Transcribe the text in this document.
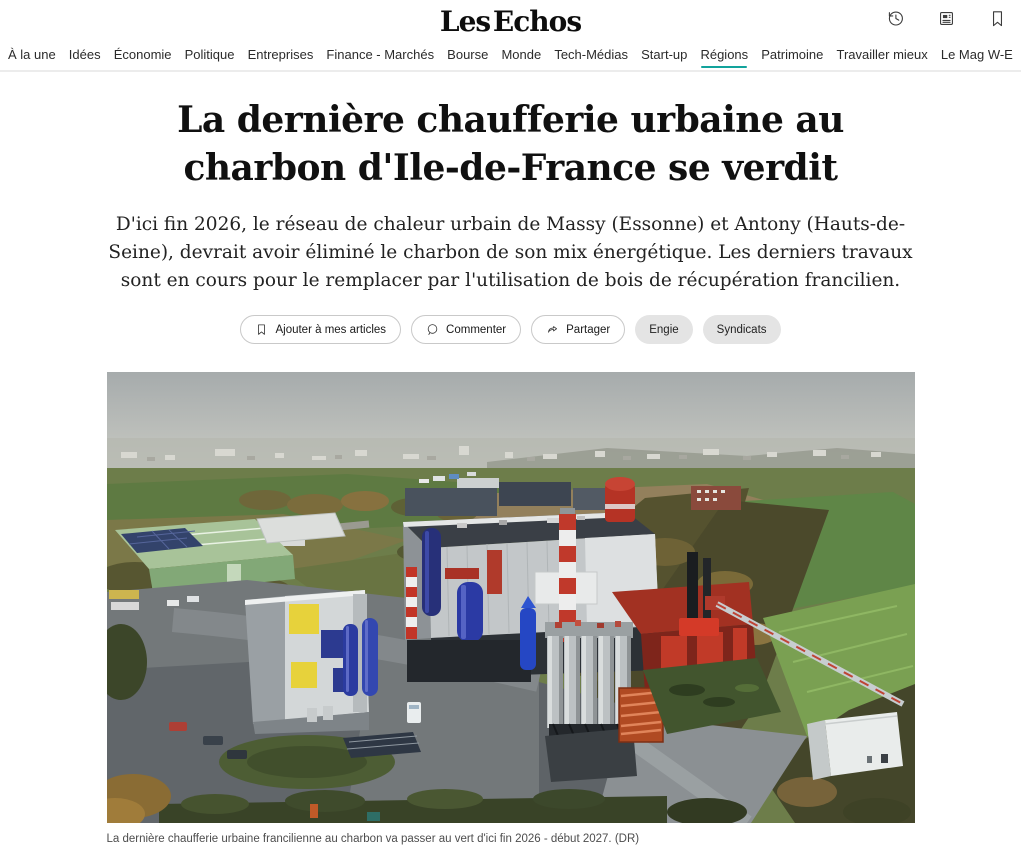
Les Echos
À la une Idées Économie Politique Entreprises Finance - Marchés Bourse Monde Tech-Médias Start-up Régions Patrimoine Travailler mieux Le Mag W-E
La dernière chaufferie urbaine au
charbon d'Ile-de-France se verdit

D'ici fin 2026, le réseau de chaleur urbain de Massy (Essonne) et Antony (Hauts-de-Seine), devrait avoir éliminé le charbon de son mix énergétique. Les derniers travaux sont en cours pour le remplacer par l'utilisation de bois de récupération francilien.

Ajouter à mes articles	Commenter	Partager	Engie	Syndicats
La dernière chaufferie urbaine francilienne au charbon va passer au vert d'ici fin 2026 - début 2027. (DR)
